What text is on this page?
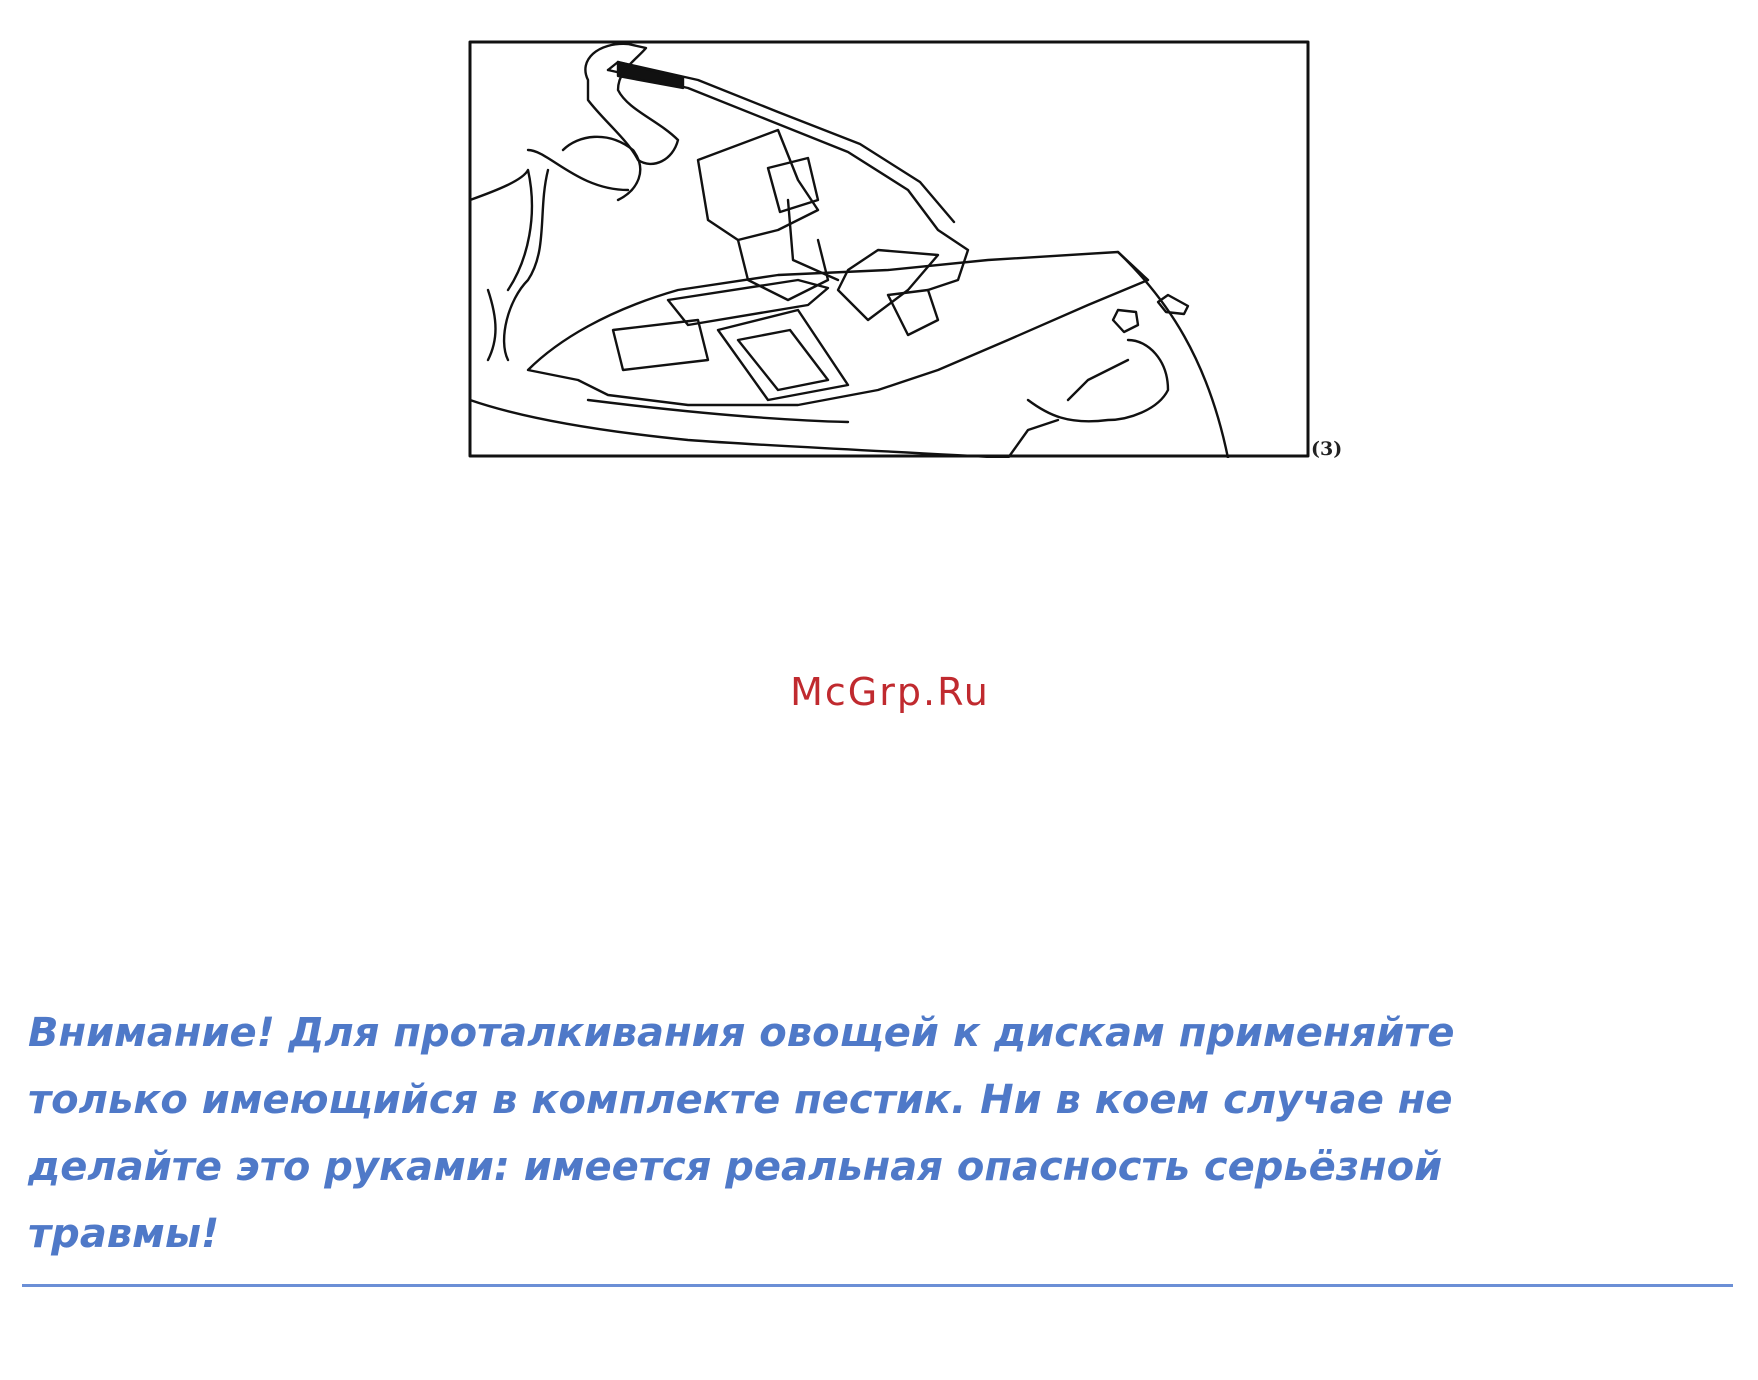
(3)
McGrp.Ru
Внимание! Для проталкивания овощей к дискам применяйте
только имеющийся в комплекте пестик. Ни в коем случае не
делайте это руками: имеется реальная опасность серьёзной
травмы!
